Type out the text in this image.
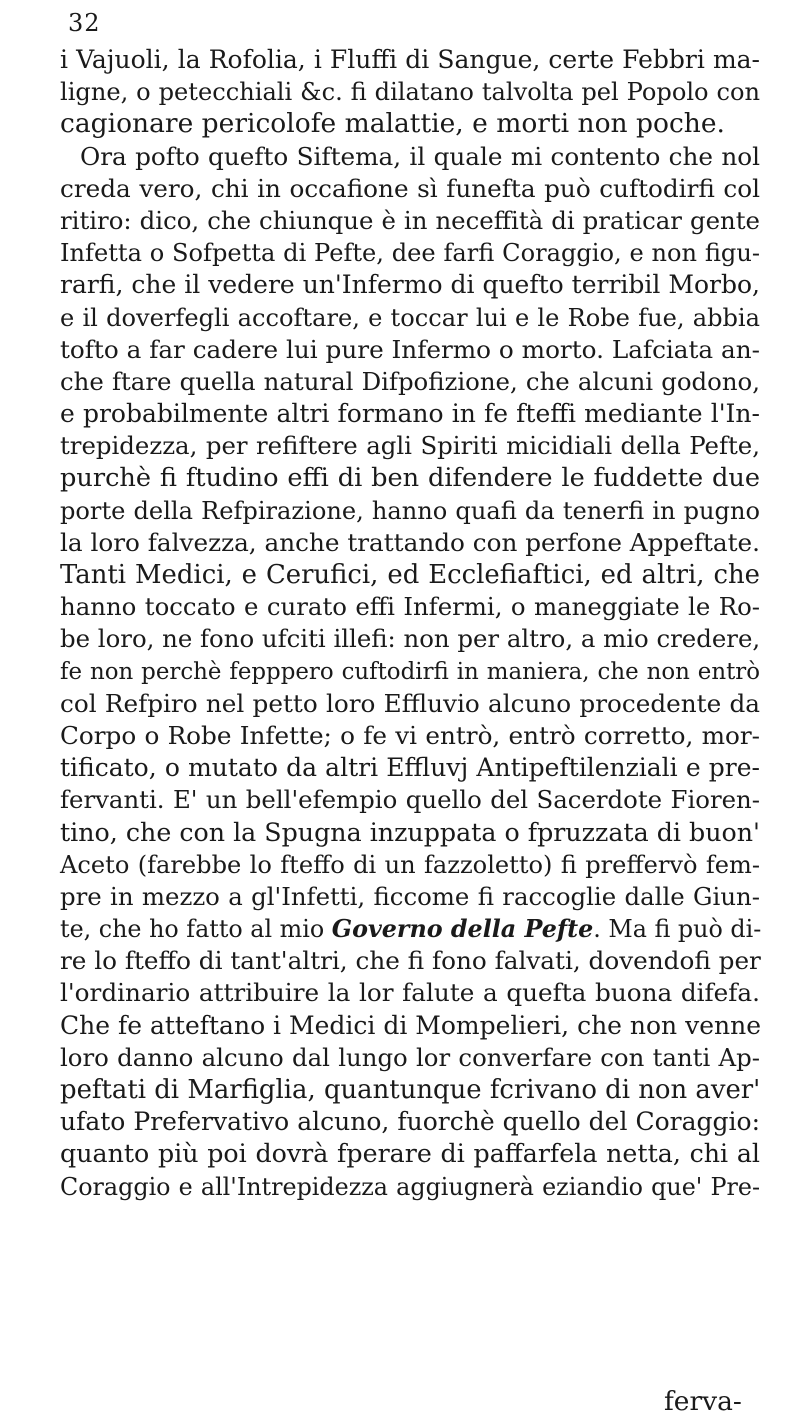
32
i Vajuoli, la Rofolia, i Fluffi di Sangue, certe Febbri ma-
ligne, o petecchiali &c. fi dilatano talvolta pel Popolo con
cagionare pericolofe malattie, e morti non poche.
Ora pofto quefto Siftema, il quale mi contento che nol
creda vero, chi in occafione sì funefta può cuftodirfi col
ritiro: dico, che chiunque è in neceffità di praticar gente
Infetta o Sofpetta di Pefte, dee farfi Coraggio, e non figu-
rarfi, che il vedere un'Infermo di quefto terribil Morbo,
e il doverfegli accoftare, e toccar lui e le Robe fue, abbia
tofto a far cadere lui pure Infermo o morto. Lafciata an-
che ftare quella natural Difpofizione, che alcuni godono,
e probabilmente altri formano in fe fteffi mediante l'In-
trepidezza, per refiftere agli Spiriti micidiali della Pefte,
purchè fi ftudino effi di ben difendere le fuddette due
porte della Refpirazione, hanno quafi da tenerfi in pugno
la loro falvezza, anche trattando con perfone Appeftate.
Tanti Medici, e Cerufici, ed Ecclefiaftici, ed altri, che
hanno toccato e curato effi Infermi, o maneggiate le Ro-
be loro, ne fono ufciti illefi: non per altro, a mio credere,
fe non perchè fepppero cuftodirfi in maniera, che non entrò
col Refpiro nel petto loro Effluvio alcuno procedente da
Corpo o Robe Infette; o fe vi entrò, entrò corretto, mor-
tificato, o mutato da altri Effluvj Antipeftilenziali e pre-
fervanti. E' un bell'efempio quello del Sacerdote Fioren-
tino, che con la Spugna inzuppata o fpruzzata di buon'
Aceto (farebbe lo fteffo di un fazzoletto) fi preffervò fem-
pre in mezzo a gl'Infetti, ficcome fi raccoglie dalle Giun-
te, che ho fatto al mio Governo della Pefte. Ma fi può di-
re lo fteffo di tant'altri, che fi fono falvati, dovendofi per
l'ordinario attribuire la lor falute a quefta buona difefa.
Che fe atteftano i Medici di Mompelieri, che non venne
loro danno alcuno dal lungo lor converfare con tanti Ap-
peftati di Marfiglia, quantunque fcrivano di non aver'
ufato Prefervativo alcuno, fuorchè quello del Coraggio:
quanto più poi dovrà fperare di paffarfela netta, chi al
Coraggio e all'Intrepidezza aggiugnerà eziandio que' Pre-
ferva-
